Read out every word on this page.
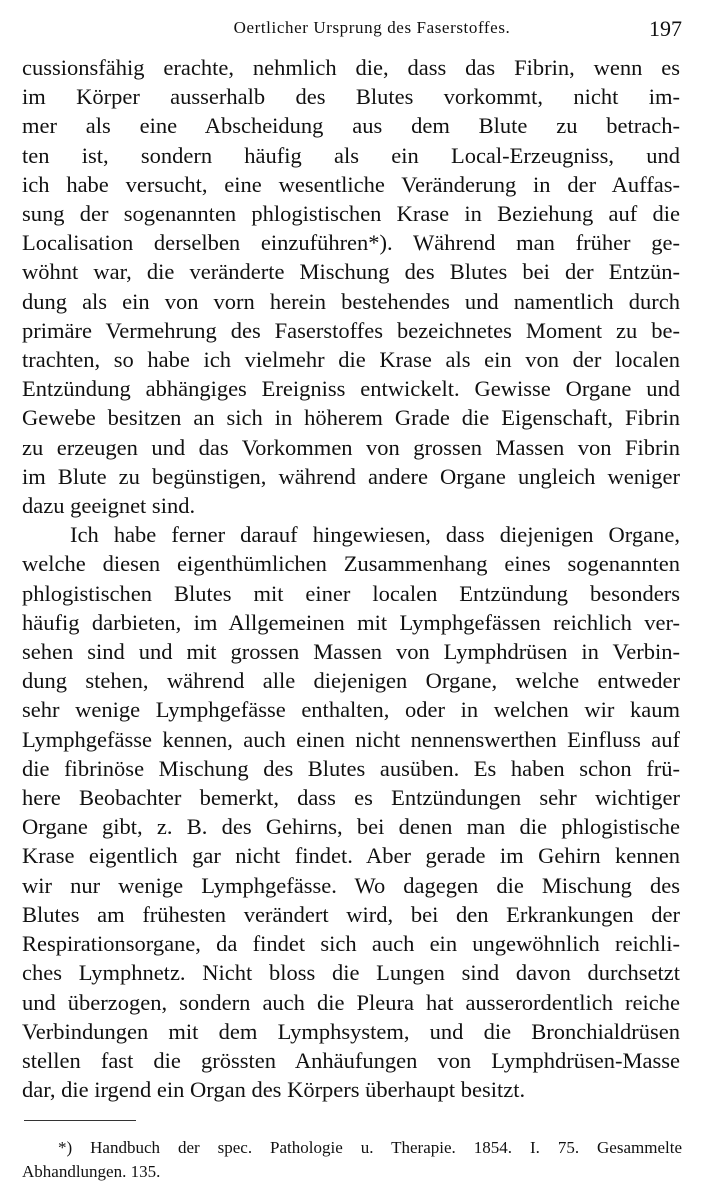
Oertlicher Ursprung des Faserstoffes.	197
cussionsfähig erachte, nehmlich die, dass das Fibrin, wenn es
im Körper ausserhalb des Blutes vorkommt, nicht im-
mer als eine Abscheidung aus dem Blute zu betrach-
ten ist, sondern häufig als ein Local-Erzeugniss, und
ich habe versucht, eine wesentliche Veränderung in der Auffas-
sung der sogenannten phlogistischen Krase in Beziehung auf die
Localisation derselben einzuführen*). Während man früher ge-
wöhnt war, die veränderte Mischung des Blutes bei der Entzün-
dung als ein von vorn herein bestehendes und namentlich durch
primäre Vermehrung des Faserstoffes bezeichnetes Moment zu be-
trachten, so habe ich vielmehr die Krase als ein von der localen
Entzündung abhängiges Ereigniss entwickelt. Gewisse Organe und
Gewebe besitzen an sich in höherem Grade die Eigenschaft, Fibrin
zu erzeugen und das Vorkommen von grossen Massen von Fibrin
im Blute zu begünstigen, während andere Organe ungleich weniger
dazu geeignet sind.
Ich habe ferner darauf hingewiesen, dass diejenigen Organe,
welche diesen eigenthümlichen Zusammenhang eines sogenannten
phlogistischen Blutes mit einer localen Entzündung besonders
häufig darbieten, im Allgemeinen mit Lymphgefässen reichlich ver-
sehen sind und mit grossen Massen von Lymphdrüsen in Verbin-
dung stehen, während alle diejenigen Organe, welche entweder
sehr wenige Lymphgefässe enthalten, oder in welchen wir kaum
Lymphgefässe kennen, auch einen nicht nennenswerthen Einfluss auf
die fibrinöse Mischung des Blutes ausüben. Es haben schon frü-
here Beobachter bemerkt, dass es Entzündungen sehr wichtiger
Organe gibt, z. B. des Gehirns, bei denen man die phlogistische
Krase eigentlich gar nicht findet. Aber gerade im Gehirn kennen
wir nur wenige Lymphgefässe. Wo dagegen die Mischung des
Blutes am frühesten verändert wird, bei den Erkrankungen der
Respirationsorgane, da findet sich auch ein ungewöhnlich reichli-
ches Lymphnetz. Nicht bloss die Lungen sind davon durchsetzt
und überzogen, sondern auch die Pleura hat ausserordentlich reiche
Verbindungen mit dem Lymphsystem, und die Bronchialdrüsen
stellen fast die grössten Anhäufungen von Lymphdrüsen-Masse
dar, die irgend ein Organ des Körpers überhaupt besitzt.
*) Handbuch der spec. Pathologie u. Therapie. 1854. I. 75. Gesammelte
Abhandlungen. 135.
